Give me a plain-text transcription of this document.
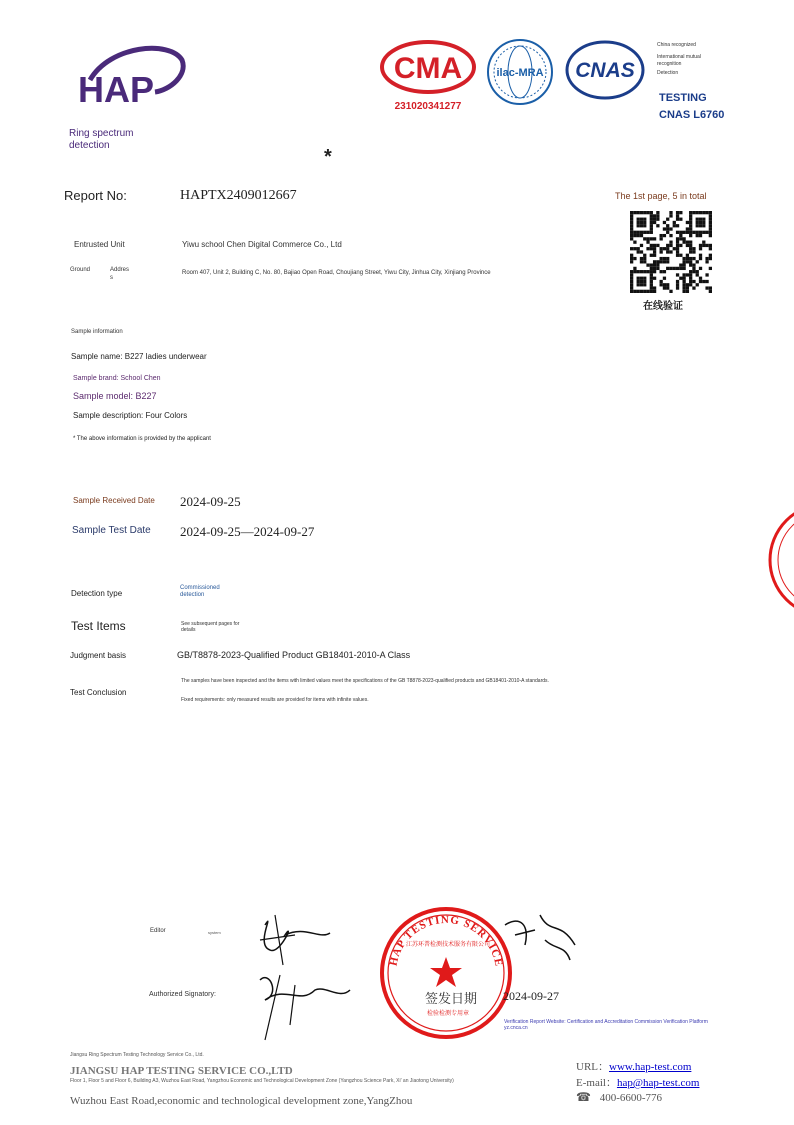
HAP
Ring spectrum detection
CMA
231020341277
ilac-MRA CNAS
China recognized
International mutual recognition
Detection
TESTING
CNAS L6760
*
Report No:	HAPTX2409012667	The 1st page, 5 in total
在线验证
Entrusted Unit	Yiwu school Chen Digital Commerce Co., Ltd
Ground	Address
Room 407, Unit 2, Building C, No. 80, Bajiao Open Road, Choujiang Street, Yiwu City, Jinhua City, Xinjiang Province
Sample information
Sample name: B227 ladies underwear
Sample brand: School Chen
Sample model: B227
Sample description: Four Colors
* The above information is provided by the applicant
Sample Received Date 2024-09-25
Sample Test Date 2024-09-25—2024-09-27
Detection type
Commissioned detection
Test Items	See subsequent pages for details
Judgment basis	GB/T8878-2023-Qualified Product GB18401-2010-A Class
Test Conclusion
The samples have been inspected and the items with limited values meet the specifications of the GB T8878-2023-qualified products and GB18401-2010-A standards.
Fixed requirements: only measured results are provided for items with infinite values.
Editor	system
Authorized Signatory:
HAP TESTING SERVICE
江苏环普检测技术服务有限公司
检验检测专用章
签发日期 2024-09-27
Verification Report Website: Certification and Accreditation Commission Verification Platform yz.cnca.cn
Jiangsu Ring Spectrum Testing Technology Service Co., Ltd.
JIANGSU HAP TESTING SERVICE CO.,LTD
Floor 1, Floor 5 and Floor 6, Building A3, Wuzhou East Road, Yangzhou Economic and Technological Development Zone (Yangzhou Science Park, Xi' an Jiaotong University)
Wuzhou East Road,economic and technological development zone,YangZhou
URL：www.hap-test.com
E-mail：hap@hap-test.com
☎ 400-6600-776
